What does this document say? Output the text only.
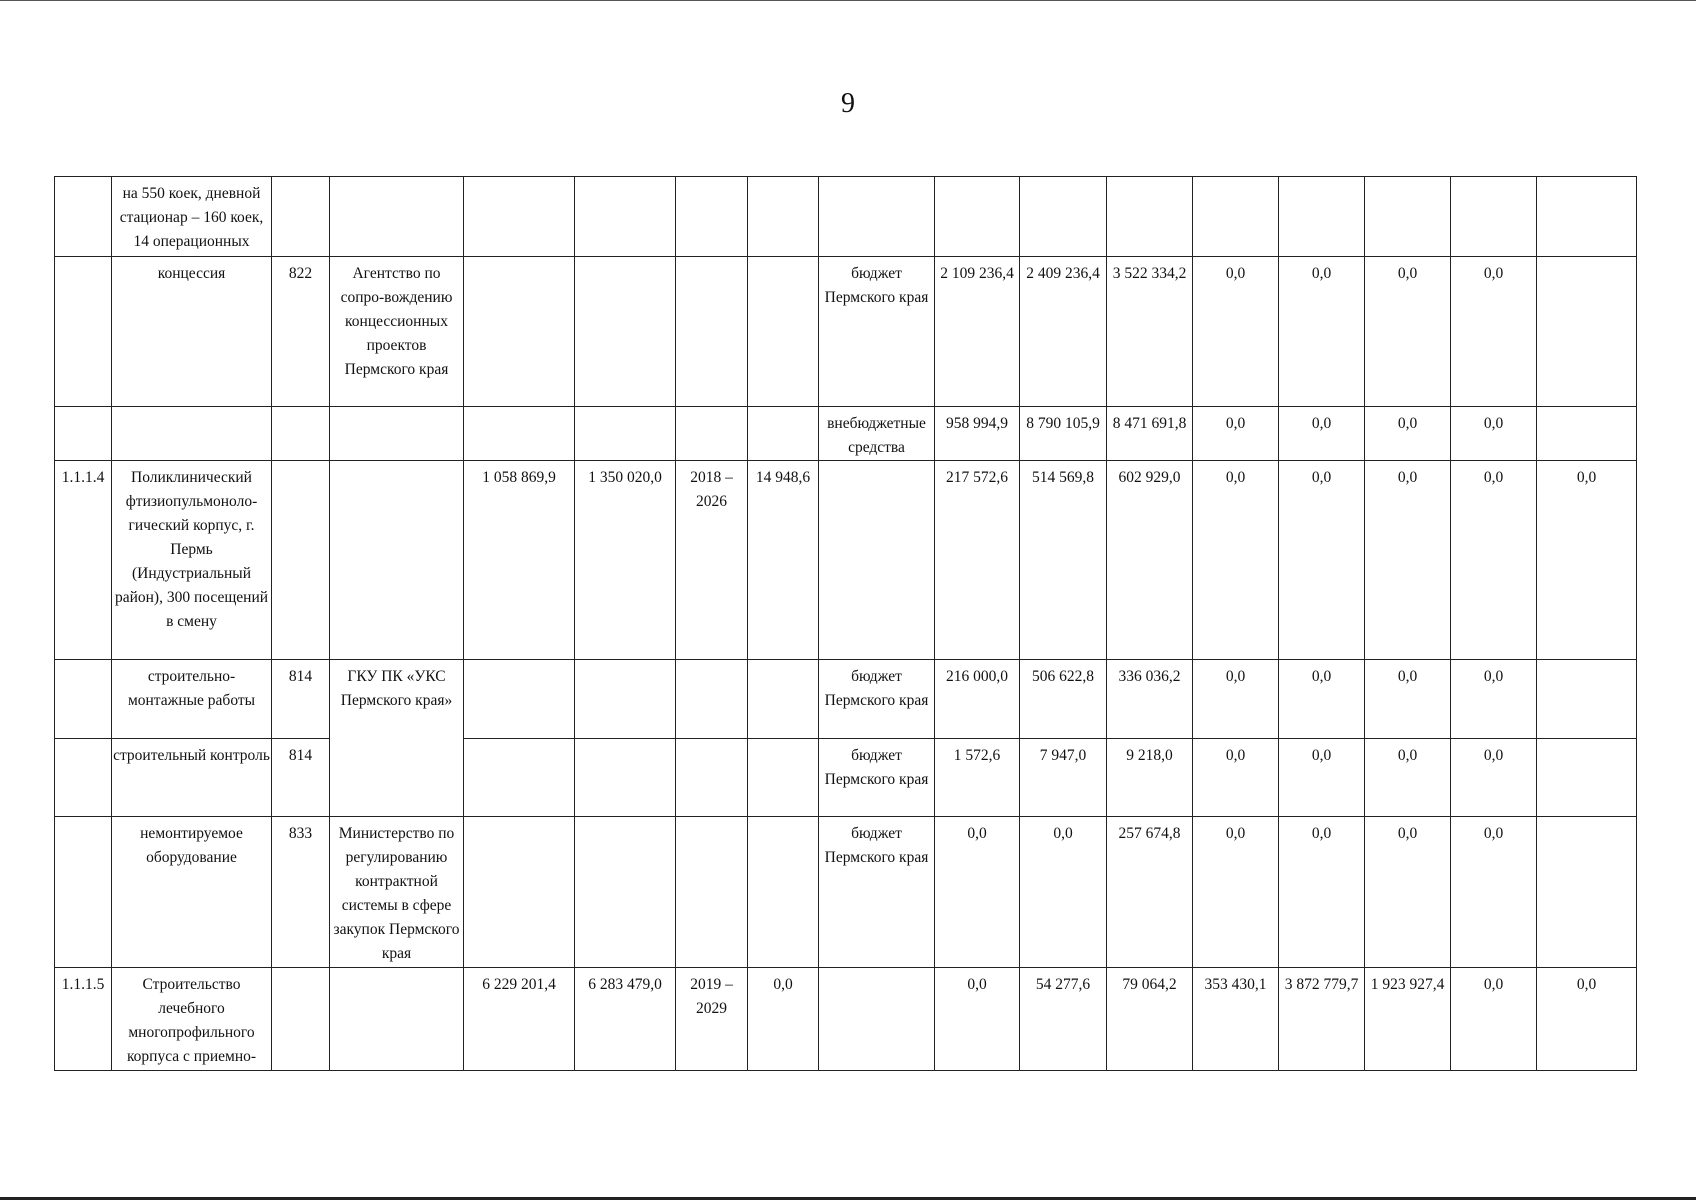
9
	на 550 коек, дневной стационар – 160 коек, 14 операционных															
	концессия	822	Агентство по сопро-вождению концессионных проектов Пермского края					бюджет Пермского края	2 109 236,4	2 409 236,4	3 522 334,2	0,0	0,0	0,0	0,0	
								внебюджетные средства	958 994,9	8 790 105,9	8 471 691,8	0,0	0,0	0,0	0,0	
1.1.1.4	Поликлинический фтизиопульмоноло-гический корпус, г. Пермь (Индустриальный район), 300 посещений в смену			1 058 869,9	1 350 020,0	2018 – 2026	14 948,6		217 572,6	514 569,8	602 929,0	0,0	0,0	0,0	0,0	0,0
	строительно-монтажные работы	814	ГКУ ПК «УКС Пермского края»					бюджет Пермского края	216 000,0	506 622,8	336 036,2	0,0	0,0	0,0	0,0	
	строительный контроль	814						бюджет Пермского края	1 572,6	7 947,0	9 218,0	0,0	0,0	0,0	0,0	
	немонтируемое оборудование	833	Министерство по регулированию контрактной системы в сфере закупок Пермского края					бюджет Пермского края	0,0	0,0	257 674,8	0,0	0,0	0,0	0,0	
1.1.1.5	Строительство лечебного многопрофильного корпуса с приемно-			6 229 201,4	6 283 479,0	2019 – 2029	0,0		0,0	54 277,6	79 064,2	353 430,1	3 872 779,7	1 923 927,4	0,0	0,0
